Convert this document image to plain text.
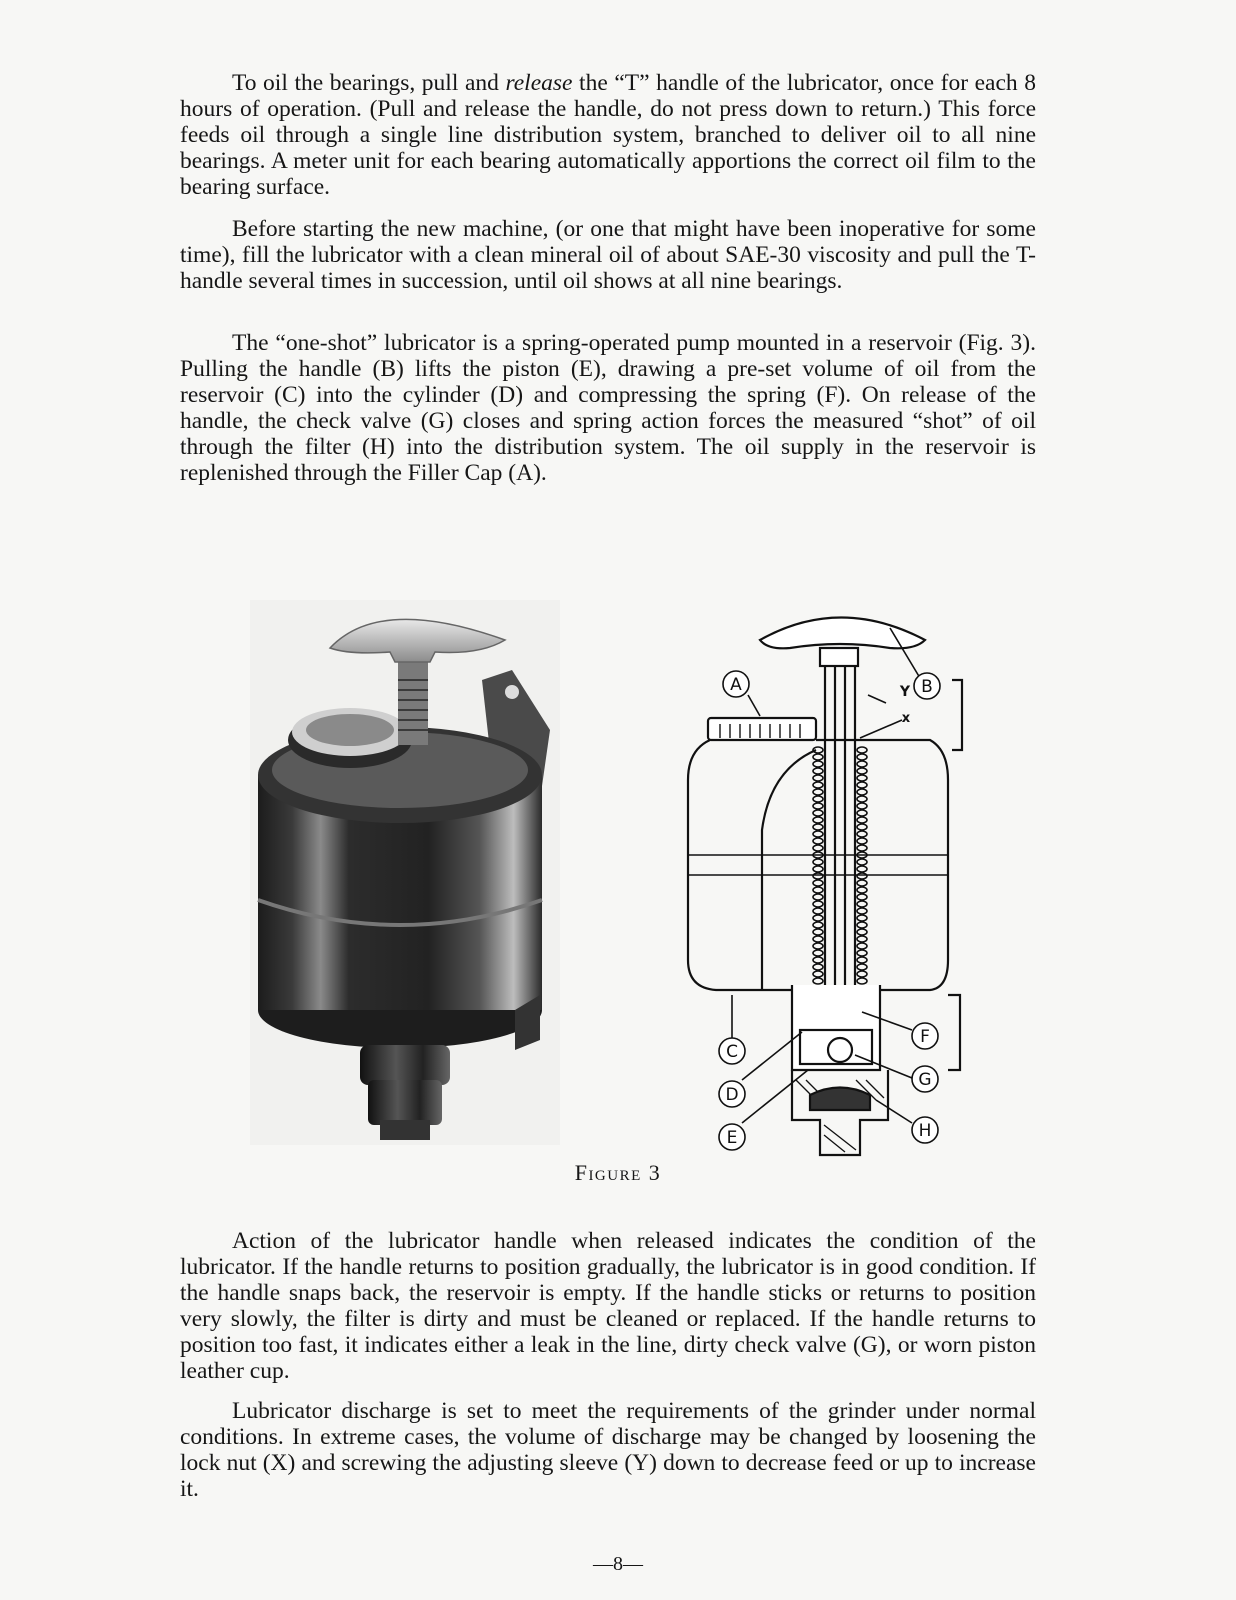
To oil the bearings, pull and release the “T” handle of the lubricator, once for each 8 hours of operation. (Pull and release the handle, do not press down to return.) This force feeds oil through a single line distribution system, branched to deliver oil to all nine bearings. A meter unit for each bearing automatically apportions the correct oil film to the bearing surface.

Before starting the new machine, (or one that might have been inoperative for some time), fill the lubricator with a clean mineral oil of about SAE-30 viscosity and pull the T-handle several times in succession, until oil shows at all nine bearings.

The “one-shot” lubricator is a spring-operated pump mounted in a reservoir (Fig. 3). Pulling the handle (B) lifts the piston (E), drawing a pre-set volume of oil from the reservoir (C) into the cylinder (D) and compressing the spring (F). On release of the handle, the check valve (G) closes and spring action forces the measured “shot” of oil through the filter (H) into the distribution system. The oil supply in the reservoir is replenished through the Filler Cap (A).

A	B
C
D
E
F
G
H
Y
x
Figure 3

Action of the lubricator handle when released indicates the condition of the lubricator. If the handle returns to position gradually, the lubricator is in good condition. If the handle snaps back, the reservoir is empty. If the handle sticks or returns to position very slowly, the filter is dirty and must be cleaned or replaced. If the handle returns to position too fast, it indicates either a leak in the line, dirty check valve (G), or worn piston leather cup.

Lubricator discharge is set to meet the requirements of the grinder under normal conditions. In extreme cases, the volume of discharge may be changed by loosening the lock nut (X) and screwing the adjusting sleeve (Y) down to decrease feed or up to increase it.

—8—
